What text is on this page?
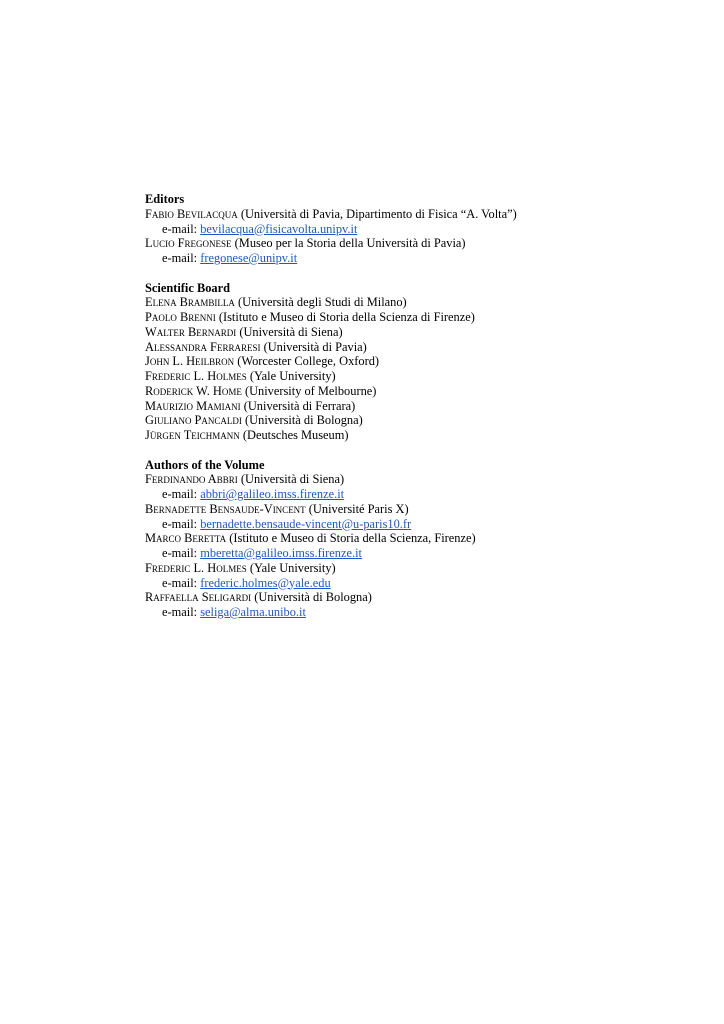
Editors
Fabio Bevilacqua (Università di Pavia, Dipartimento di Fisica “A. Volta”)
e-mail: bevilacqua@fisicavolta.unipv.it
Lucio Fregonese (Museo per la Storia della Università di Pavia)
e-mail: fregonese@unipv.it
Scientific Board
Elena Brambilla (Università degli Studi di Milano)
Paolo Brenni (Istituto e Museo di Storia della Scienza di Firenze)
Walter Bernardi (Università di Siena)
Alessandra Ferraresi (Università di Pavia)
John L. Heilbron (Worcester College, Oxford)
Frederic L. Holmes (Yale University)
Roderick W. Home (University of Melbourne)
Maurizio Mamiani (Università di Ferrara)
Giuliano Pancaldi (Università di Bologna)
Jürgen Teichmann (Deutsches Museum)
Authors of the Volume
Ferdinando Abbri (Università di Siena)
e-mail: abbri@galileo.imss.firenze.it
Bernadette Bensaude-Vincent (Université Paris X)
e-mail: bernadette.bensaude-vincent@u-paris10.fr
Marco Beretta (Istituto e Museo di Storia della Scienza, Firenze)
e-mail: mberetta@galileo.imss.firenze.it
Frederic L. Holmes (Yale University)
e-mail: frederic.holmes@yale.edu
Raffaella Seligardi (Università di Bologna)
e-mail: seliga@alma.unibo.it
